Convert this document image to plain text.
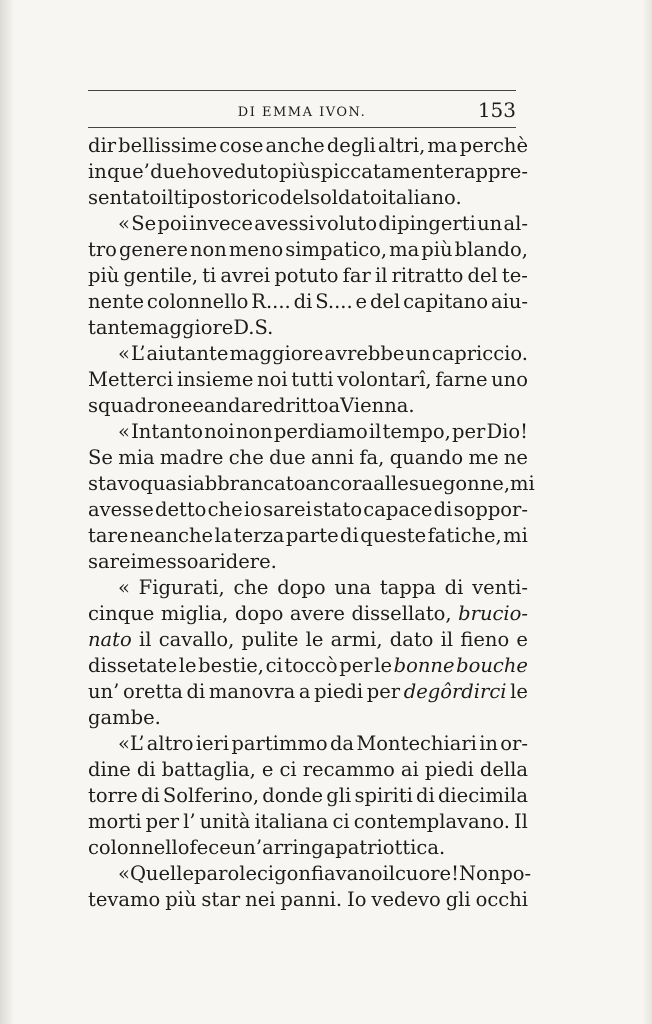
DI EMMA IVON.	153
dir bellissime cose anche degli altri, ma perchè
in que’ due ho veduto più spiccatamente rappre-
sentato il tipo storico del soldato italiano.
« Se poi invece avessi voluto dipingerti un al-
tro genere non meno simpatico, ma più blando,
più gentile, ti avrei potuto far il ritratto del te-
nente colonnello R.... di S.... e del capitano aiu-
tante maggiore D. S.
« L’ aiutante maggiore avrebbe un capriccio.
Metterci insieme noi tutti volontarî, farne uno
squadrone e andare dritto a Vienna.
« Intanto noi non perdiamo il tempo, per Dio!
Se mia madre che due anni fa, quando me ne
stavo quasi abbrancato ancora alle sue gonne, mi
avesse detto che io sarei stato capace di soppor-
tare neanche la terza parte di queste fatiche, mi
sarei messo a ridere.
« Figurati, che dopo una tappa di venti-
cinque miglia, dopo avere dissellato, brucio-
nato il cavallo, pulite le armi, dato il fieno e
dissetate le bestie, ci toccò per le bonne bouche
un’ oretta di manovra a piedi per degôrdirci le
gambe.
«L’ altro ieri partimmo da Montechiari in or-
dine di battaglia, e ci recammo ai piedi della
torre di Solferino, donde gli spiriti di diecimila
morti per l’ unità italiana ci contemplavano. Il
colonnello fece un’ arringa patriottica.
« Quelle parole ci gonfiavano il cuore! Non po-
tevamo più star nei panni. Io vedevo gli occhi
